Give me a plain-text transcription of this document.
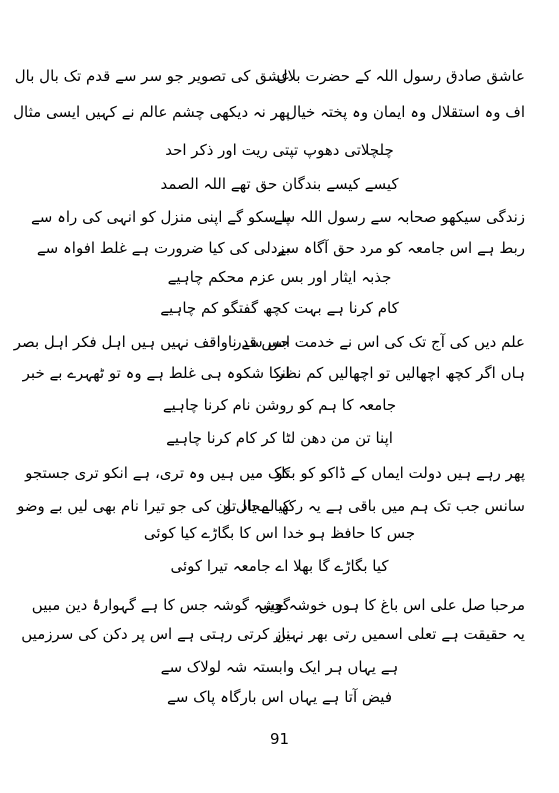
عاشق صادق رسول اللہ کے حضرت بلال
عشق کی تصویر جو سر سے قدم تک بال بال
اف وہ استقلال وہ ایمان وہ پختہ خیال
پھر نہ دیکھی چشم عالم نے کہیں ایسی مثال
چلچلاتی دھوپ تپتی ریت اور ذکر احد
کیسے کیسے بندگان حق تھے اللہ الصمد
زندگی سیکھو صحابہ سے رسول اللہ سے
پا سکو گے اپنی منزل کو انہی کی راہ سے
ربط ہے اس جامعہ کو مرد حق آگاہ سے
بزدلی کی کیا ضرورت ہے غلط افواہ سے
جذبہ ایثار اور بس عزم محکم چاہیے
کام کرنا ہے بہت کچھ گفتگو کم چاہیے
علم دیں کی آج تک کی اس نے خدمت جس قدر
اس سے ناواقف نہیں ہیں اہل فکر اہل بصر
ہاں اگر کچھ اچھالیں تو اچھالیں کم نظر
انکا شکوہ ہی غلط ہے وہ تو ٹھہرے بے خبر
جامعہ کا ہم کو روشن نام کرنا چاہیے
اپنا تن من دھن لٹا کر کام کرنا چاہیے
پھر رہے ہیں دولت ایماں کے ڈاکو کو بکو
تاک میں ہیں وہ تری، ہے انکو تری جستجو
سانس جب تک ہم میں باقی ہے یہ رکھ لے یاد تو
کیا مجال ان کی جو تیرا نام بھی لیں بے وضو
جس کا حافظ ہو خدا اس کا بگاڑے کیا کوئی
کیا بگاڑے گا بھلا اے جامعہ تیرا کوئی
مرحبا صل علی اس باغ کا ہوں خوشہ چیں
گوشہ گوشہ جس کا ہے گہوارۂ دین مبیں
یہ حقیقت ہے تعلی اسمیں رتی بھر نہیں
ناز کرتی رہتی ہے اس پر دکن کی سرزمیں
ہے یہاں ہر ایک وابستہ شہ لولاک سے
فیض آتا ہے یہاں اس بارگاہ پاک سے
91
